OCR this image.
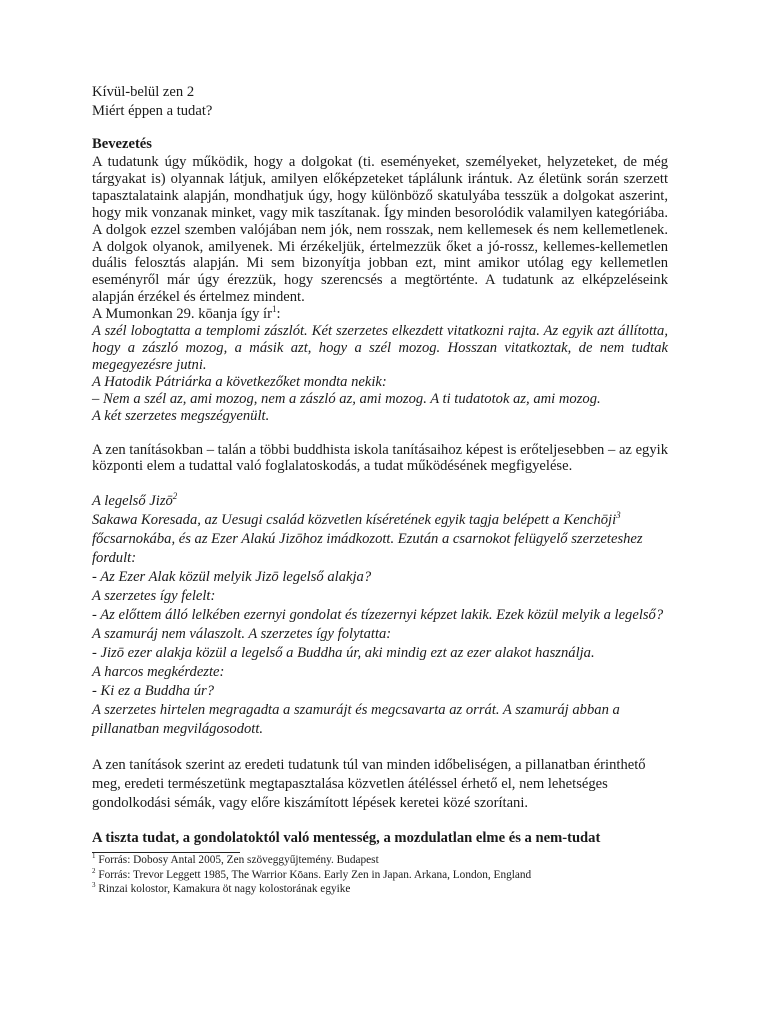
Kívül-belül zen 2
Miért éppen a tudat?
Bevezetés
A tudatunk úgy működik, hogy a dolgokat (ti. eseményeket, személyeket, helyzeteket, de még tárgyakat is) olyannak látjuk, amilyen előképzeteket táplálunk irántuk. Az életünk során szerzett tapasztalataink alapján, mondhatjuk úgy, hogy különböző skatulyába tesszük a dolgokat aszerint, hogy mik vonzanak minket, vagy mik taszítanak. Így minden besorolódik valamilyen kategóriába. A dolgok ezzel szemben valójában nem jók, nem rosszak, nem kellemesek és nem kellemetlenek. A dolgok olyanok, amilyenek. Mi érzékeljük, értelmezzük őket a jó-rossz, kellemes-kellemetlen duális felosztás alapján. Mi sem bizonyítja jobban ezt, mint amikor utólag egy kellemetlen eseményről már úgy érezzük, hogy szerencsés a megtörténte. A tudatunk az elképzeléseink alapján érzékel és értelmez mindent.
A Mumonkan 29. kōanja így $ír^1$:
A szél lobogtatta a templomi zászlót. Két szerzetes elkezdett vitatkozni rajta. Az egyik azt állította, hogy a zászló mozog, a másik azt, hogy a szél mozog. Hosszan vitatkoztak, de nem tudtak megegyezésre jutni.
A Hatodik Pátriárka a következőket mondta nekik:
– Nem a szél az, ami mozog, nem a zászló az, ami mozog. A ti tudatotok az, ami mozog.
A két szerzetes megszégyenült.
A zen tanításokban – talán a többi buddhista iskola tanításaihoz képest is erőteljesebben – az egyik központi elem a tudattal való foglalatoskodás, a tudat működésének megfigyelése.
A legelső Jizō$^2$
Sakawa Koresada, az Uesugi család közvetlen kíséretének egyik tagja belépett a Kenchōji$^3$ főcsarnokába, és az Ezer Alakú Jizōhoz imádkozott. Ezután a csarnokot felügyelő szerzeteshez fordult:
- Az Ezer Alak közül melyik Jizō legelső alakja?
A szerzetes így felelt:
- Az előttem álló lelkében ezernyi gondolat és tízezernyi képzet lakik. Ezek közül melyik a legelső?
A szamuráj nem válaszolt. A szerzetes így folytatta:
- Jizō ezer alakja közül a legelső a Buddha úr, aki mindig ezt az ezer alakot használja.
A harcos megkérdezte:
- Ki ez a Buddha úr?
A szerzetes hirtelen megragadta a szamurájt és megcsavarta az orrát. A szamuráj abban a pillanatban megvilágosodott.
A zen tanítások szerint az eredeti tudatunk túl van minden időbeliségen, a pillanatban érinthető meg, eredeti természetünk megtapasztalása közvetlen átéléssel érhető el, nem lehetséges gondolkodási sémák, vagy előre kiszámított lépések keretei közé szorítani.
A tiszta tudat, a gondolatoktól való mentesség, a mozdulatlan elme és a nem-tudat
$^1$ Forrás: Dobosy Antal 2005, Zen szöveggyűjtemény. Budapest
$^2$ Forrás: Trevor Leggett 1985, The Warrior Kōans. Early Zen in Japan. Arkana, London, England
$^3$ Rinzai kolostor, Kamakura öt nagy kolostorának egyike
